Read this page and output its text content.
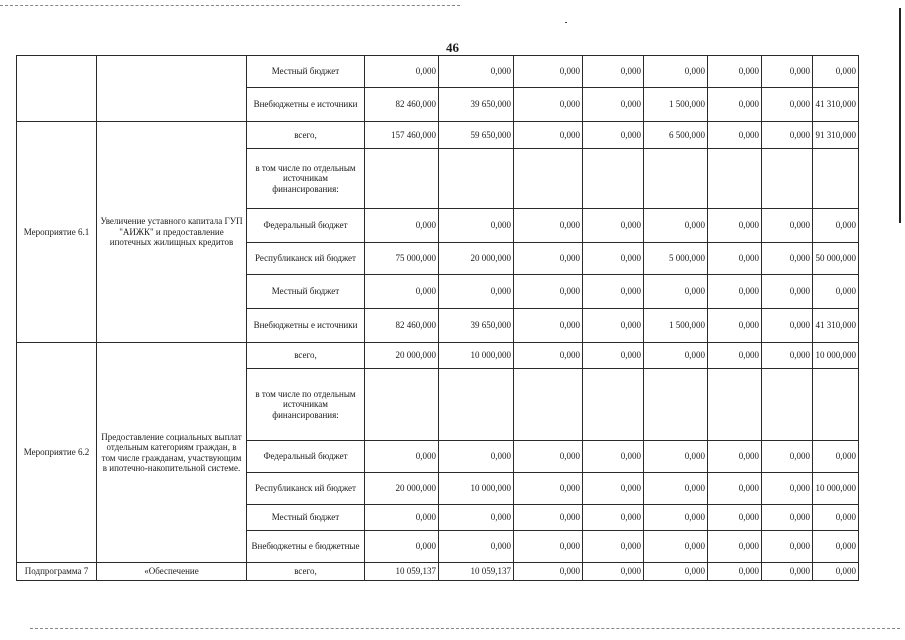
46
		Местный бюджет	0,000	0,000	0,000	0,000	0,000	0,000	0,000	0,000
		Внебюджетны е источники	82 460,000	39 650,000	0,000	0,000	1 500,000	0,000	0,000	41 310,000
Мероприятие 6.1	Увеличение уставного капитала ГУП "АИЖК" и предоставление ипотечных жилищных кредитов	всего,	157 460,000	59 650,000	0,000	0,000	6 500,000	0,000	0,000	91 310,000
		в том числе по отдельным источникам финансирования:								
		Федеральный бюджет	0,000	0,000	0,000	0,000	0,000	0,000	0,000	0,000
		Республиканск ий бюджет	75 000,000	20 000,000	0,000	0,000	5 000,000	0,000	0,000	50 000,000
		Местный бюджет	0,000	0,000	0,000	0,000	0,000	0,000	0,000	0,000
		Внебюджетны е источники	82 460,000	39 650,000	0,000	0,000	1 500,000	0,000	0,000	41 310,000
Мероприятие 6.2	Предоставление социальных выплат отдельным категориям граждан, в том числе гражданам, участвующим в ипотечно-накопительной системе.	всего,	20 000,000	10 000,000	0,000	0,000	0,000	0,000	0,000	10 000,000
		в том числе по отдельным источникам финансирования:								
		Федеральный бюджет	0,000	0,000	0,000	0,000	0,000	0,000	0,000	0,000
		Республиканск ий бюджет	20 000,000	10 000,000	0,000	0,000	0,000	0,000	0,000	10 000,000
		Местный бюджет	0,000	0,000	0,000	0,000	0,000	0,000	0,000	0,000
		Внебюджетны е бюджетные	0,000	0,000	0,000	0,000	0,000	0,000	0,000	0,000
Подпрограмма 7	«Обеспечение	всего,	10 059,137	10 059,137	0,000	0,000	0,000	0,000	0,000	0,000
